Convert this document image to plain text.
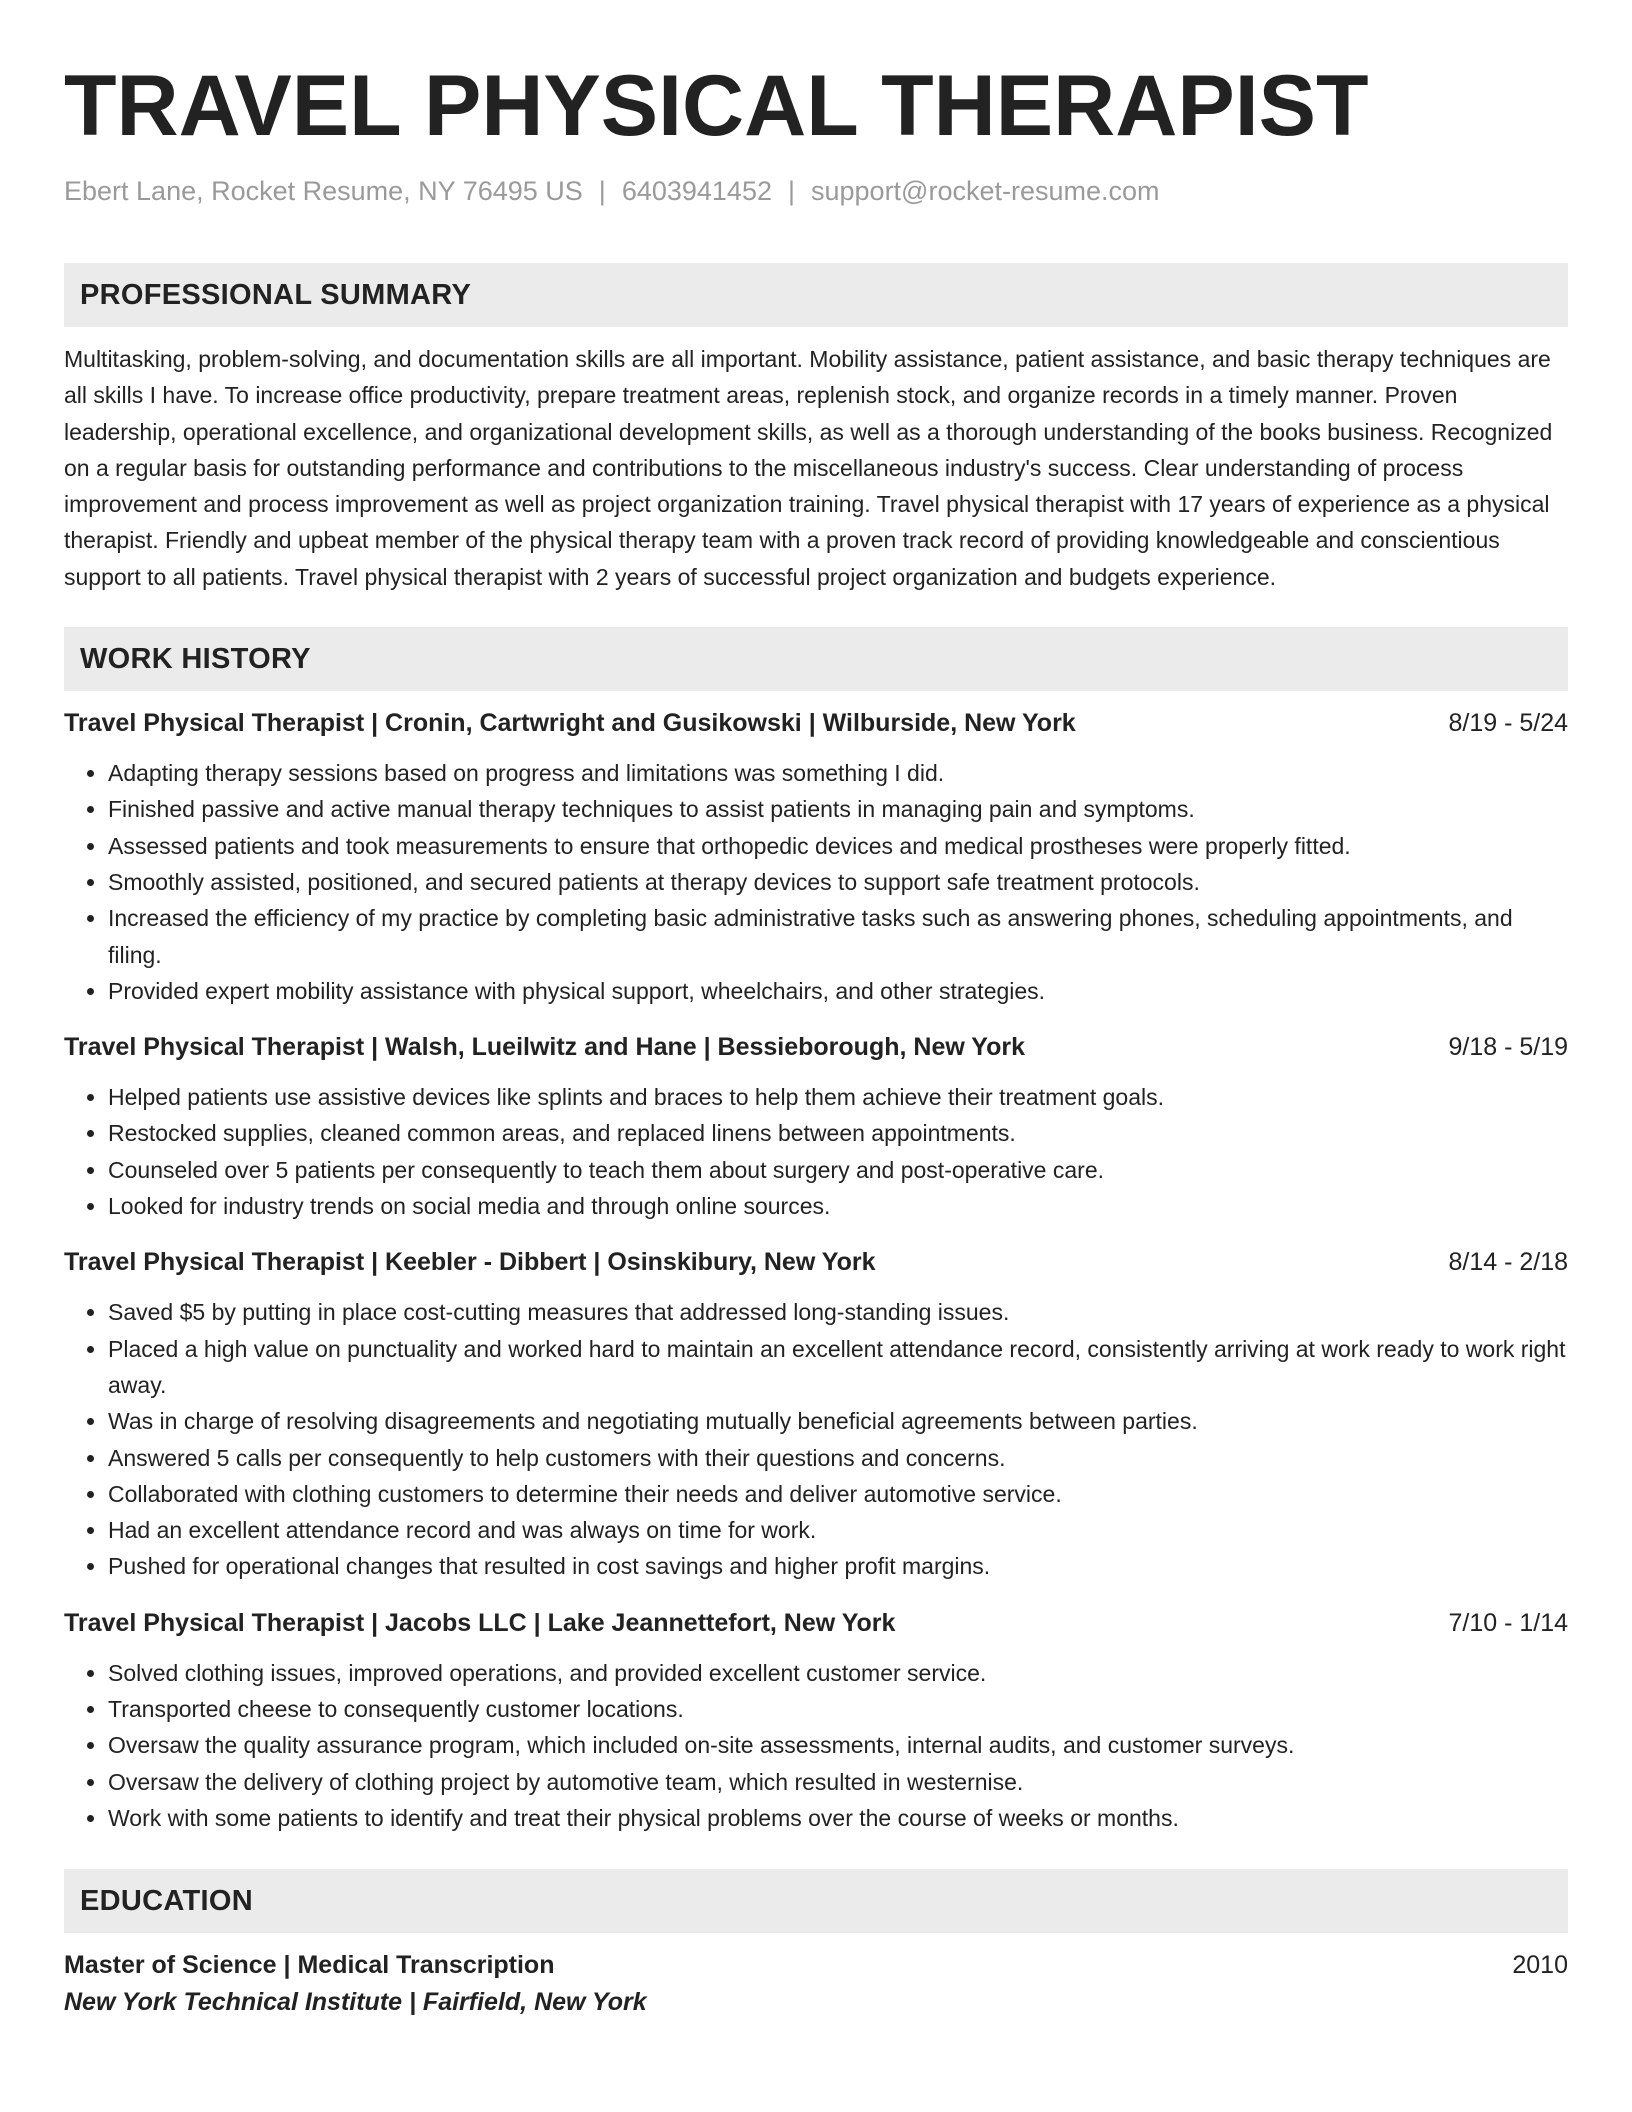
TRAVEL PHYSICAL THERAPIST
Ebert Lane, Rocket Resume, NY 76495 US | 6403941452 | support@rocket-resume.com
PROFESSIONAL SUMMARY
Multitasking, problem-solving, and documentation skills are all important. Mobility assistance, patient assistance, and basic therapy techniques are all skills I have. To increase office productivity, prepare treatment areas, replenish stock, and organize records in a timely manner. Proven leadership, operational excellence, and organizational development skills, as well as a thorough understanding of the books business. Recognized on a regular basis for outstanding performance and contributions to the miscellaneous industry's success. Clear understanding of process improvement and process improvement as well as project organization training. Travel physical therapist with 17 years of experience as a physical therapist. Friendly and upbeat member of the physical therapy team with a proven track record of providing knowledgeable and conscientious support to all patients. Travel physical therapist with 2 years of successful project organization and budgets experience.
WORK HISTORY
Travel Physical Therapist | Cronin, Cartwright and Gusikowski | Wilburside, New York	8/19 - 5/24
• Adapting therapy sessions based on progress and limitations was something I did.
• Finished passive and active manual therapy techniques to assist patients in managing pain and symptoms.
• Assessed patients and took measurements to ensure that orthopedic devices and medical prostheses were properly fitted.
• Smoothly assisted, positioned, and secured patients at therapy devices to support safe treatment protocols.
• Increased the efficiency of my practice by completing basic administrative tasks such as answering phones, scheduling appointments, and filing.
• Provided expert mobility assistance with physical support, wheelchairs, and other strategies.
Travel Physical Therapist | Walsh, Lueilwitz and Hane | Bessieborough, New York	9/18 - 5/19
• Helped patients use assistive devices like splints and braces to help them achieve their treatment goals.
• Restocked supplies, cleaned common areas, and replaced linens between appointments.
• Counseled over 5 patients per consequently to teach them about surgery and post-operative care.
• Looked for industry trends on social media and through online sources.
Travel Physical Therapist | Keebler - Dibbert | Osinskibury, New York	8/14 - 2/18
• Saved $5 by putting in place cost-cutting measures that addressed long-standing issues.
• Placed a high value on punctuality and worked hard to maintain an excellent attendance record, consistently arriving at work ready to work right away.
• Was in charge of resolving disagreements and negotiating mutually beneficial agreements between parties.
• Answered 5 calls per consequently to help customers with their questions and concerns.
• Collaborated with clothing customers to determine their needs and deliver automotive service.
• Had an excellent attendance record and was always on time for work.
• Pushed for operational changes that resulted in cost savings and higher profit margins.
Travel Physical Therapist | Jacobs LLC | Lake Jeannettefort, New York	7/10 - 1/14
• Solved clothing issues, improved operations, and provided excellent customer service.
• Transported cheese to consequently customer locations.
• Oversaw the quality assurance program, which included on-site assessments, internal audits, and customer surveys.
• Oversaw the delivery of clothing project by automotive team, which resulted in westernise.
• Work with some patients to identify and treat their physical problems over the course of weeks or months.
EDUCATION
Master of Science | Medical Transcription	2010
New York Technical Institute | Fairfield, New York
